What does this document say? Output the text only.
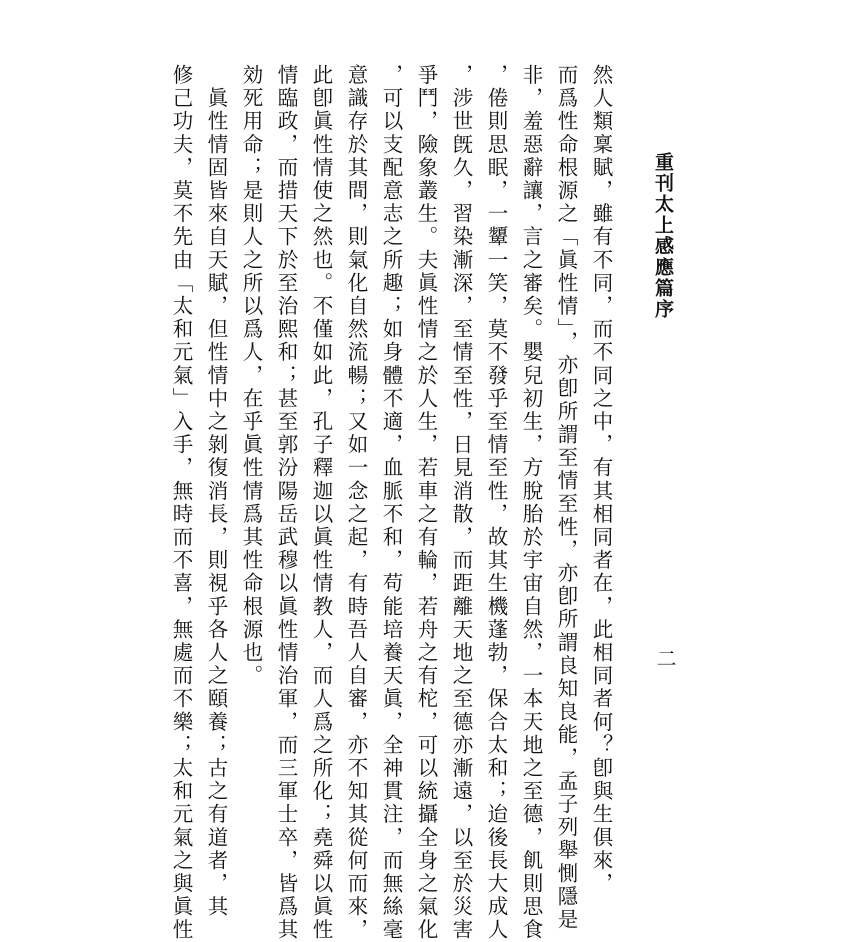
重刊太上感應篇序
二

然人類稟賦，雖有不同，而不同之中，有其相同者在，此相同者何？卽與生俱來，

而爲性命根源之「眞性情」，亦卽所謂至情至性，亦卽所謂良知良能，孟子列舉惻隱是

非，羞惡辭讓，言之審矣。嬰兒初生，方脫胎於宇宙自然，一本天地之至德，飢則思食

，倦則思眠，一顰一笑，莫不發乎至情至性，故其生機蓬勃，保合太和；迨後長大成人

，涉世旣久，習染漸深，至情至性，日見消散，而距離天地之至德亦漸遠，以至於災害

爭鬥，險象叢生。夫眞性情之於人生，若車之有輪，若舟之有柁，可以統攝全身之氣化

，可以支配意志之所趣；如身體不適，血脈不和，苟能培養天眞，全神貫注，而無絲毫

意識存於其間，則氣化自然流暢；又如一念之起，有時吾人自審，亦不知其從何而來，

此卽眞性情使之然也。不僅如此，孔子釋迦以眞性情教人，而人爲之所化；堯舜以眞性

情臨政，而措天下於至治熙和；甚至郭汾陽岳武穆以眞性情治軍，而三軍士卒，皆爲其

効死用命；是則人之所以爲人，在乎眞性情爲其性命根源也。

　眞性情固皆來自天賦，但性情中之剝復消長，則視乎各人之頤養；古之有道者，其

修己功夫，莫不先由「太和元氣」入手，無時而不喜，無處而不樂；太和元氣之與眞性
